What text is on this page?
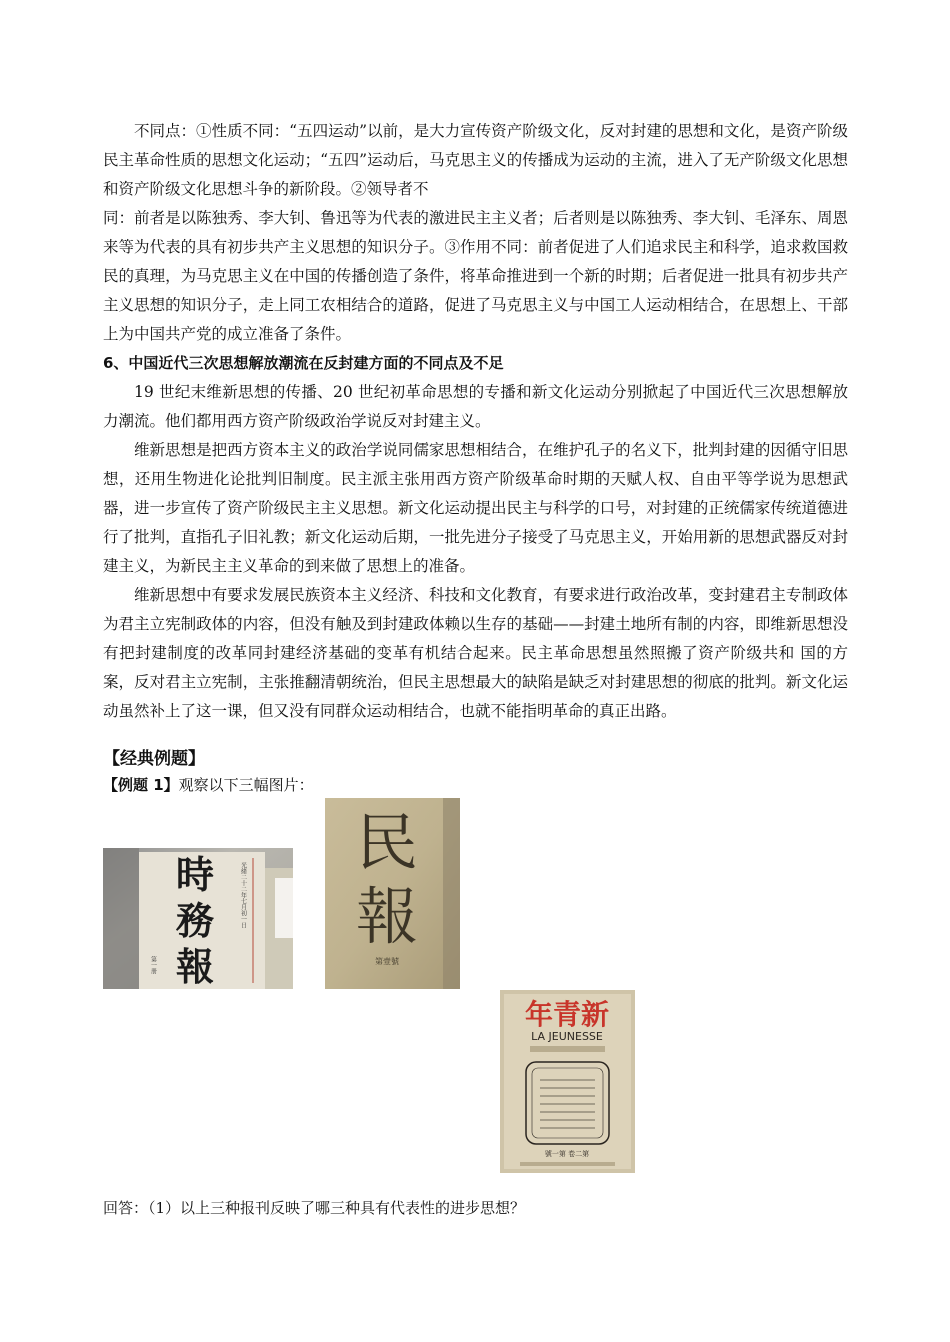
不同点：①性质不同：“五四运动”以前，是大力宣传资产阶级文化，反对封建的思想和文化，是资产阶级民主革命性质的思想文化运动；“五四”运动后，马克思主义的传播成为运动的主流，进入了无产阶级文化思想和资产阶级文化思想斗争的新阶段。②领导者不

同：前者是以陈独秀、李大钊、鲁迅等为代表的激进民主主义者；后者则是以陈独秀、李大钊、毛泽东、周恩来等为代表的具有初步共产主义思想的知识分子。③作用不同：前者促进了人们追求民主和科学，追求救国救民的真理，为马克思主义在中国的传播创造了条件，将革命推进到一个新的时期；后者促进一批具有初步共产主义思想的知识分子，走上同工农相结合的道路，促进了马克思主义与中国工人运动相结合，在思想上、干部上为中国共产党的成立准备了条件。

6、中国近代三次思想解放潮流在反封建方面的不同点及不足

19 世纪末维新思想的传播、20 世纪初革命思想的专播和新文化运动分别掀起了中国近代三次思想解放力潮流。他们都用西方资产阶级政治学说反对封建主义。

维新思想是把西方资本主义的政治学说同儒家思想相结合，在维护孔子的名义下，批判封建的因循守旧思想，还用生物进化论批判旧制度。民主派主张用西方资产阶级革命时期的天赋人权、自由平等学说为思想武器，进一步宣传了资产阶级民主主义思想。新文化运动提出民主与科学的口号，对封建的正统儒家传统道德进行了批判，直指孔子旧礼教；新文化运动后期，一批先进分子接受了马克思主义，开始用新的思想武器反对封建主义，为新民主主义革命的到来做了思想上的准备。

维新思想中有要求发展民族资本主义经济、科技和文化教育，有要求进行政治改革，变封建君主专制政体为君主立宪制政体的内容，但没有触及到封建政体赖以生存的基础——封建土地所有制的内容，即维新思想没有把封建制度的改革同封建经济基础的变革有机结合起来。民主革命思想虽然照搬了资产阶级共和 国的方案，反对君主立宪制，主张推翻清朝统治，但民主思想最大的缺陷是缺乏对封建思想的彻底的批判。新文化运动虽然补上了这一课，但又没有同群众运动相结合，也就不能指明革命的真正出路。

【经典例题】
【例题 1】观察以下三幅图片：
時
務
報
光緒二十二年七月初一日
第一册
民
報
第壹號
年青新
LA JEUNESSE
號一第 卷二第
回答：（1）以上三种报刊反映了哪三种具有代表性的进步思想？
